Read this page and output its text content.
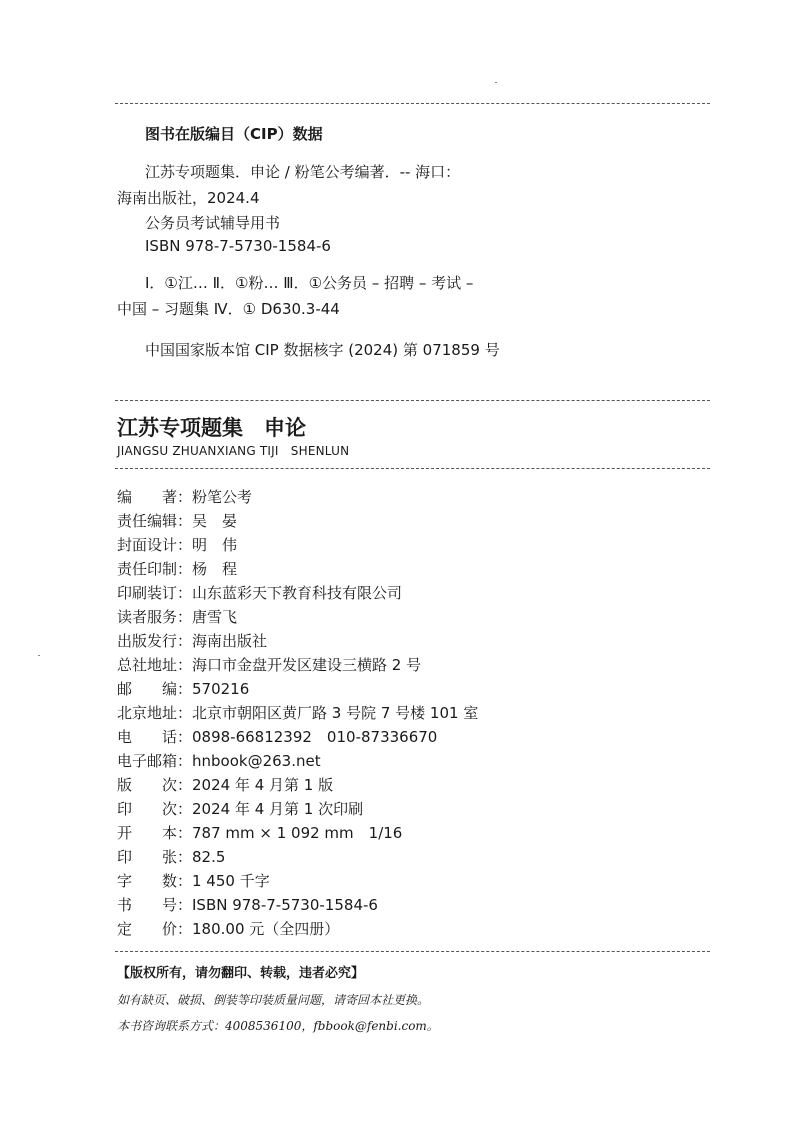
图书在版编目（CIP）数据
江苏专项题集．申论 / 粉笔公考编著．-- 海口：
海南出版社，2024.4
公务员考试辅导用书
ISBN 978-7-5730-1584-6
Ⅰ．①江… Ⅱ．①粉… Ⅲ．①公务员 – 招聘 – 考试 –
中国 – 习题集 Ⅳ．① D630.3-44
中国国家版本馆 CIP 数据核字 (2024) 第 071859 号
江苏专项题集　申论
JIANGSU ZHUANXIANG TIJI　SHENLUN
编　　著：粉笔公考
责任编辑：吴　晏
封面设计：明　伟
责任印制：杨　程
印刷装订：山东蓝彩天下教育科技有限公司
读者服务：唐雪飞
出版发行：海南出版社
总社地址：海口市金盘开发区建设三横路 2 号
邮　　编：570216
北京地址：北京市朝阳区黄厂路 3 号院 7 号楼 101 室
电　　话：0898-66812392　010-87336670
电子邮箱：hnbook@263.net
版　　次：2024 年 4 月第 1 版
印　　次：2024 年 4 月第 1 次印刷
开　　本：787 mm × 1 092 mm　1/16
印　　张：82.5
字　　数：1 450 千字
书　　号：ISBN 978-7-5730-1584-6
定　　价：180.00 元（全四册）
【版权所有，请勿翻印、转载，违者必究】
如有缺页、破损、倒装等印装质量问题，请寄回本社更换。
本书咨询联系方式：4008536100，fbbook@fenbi.com。
